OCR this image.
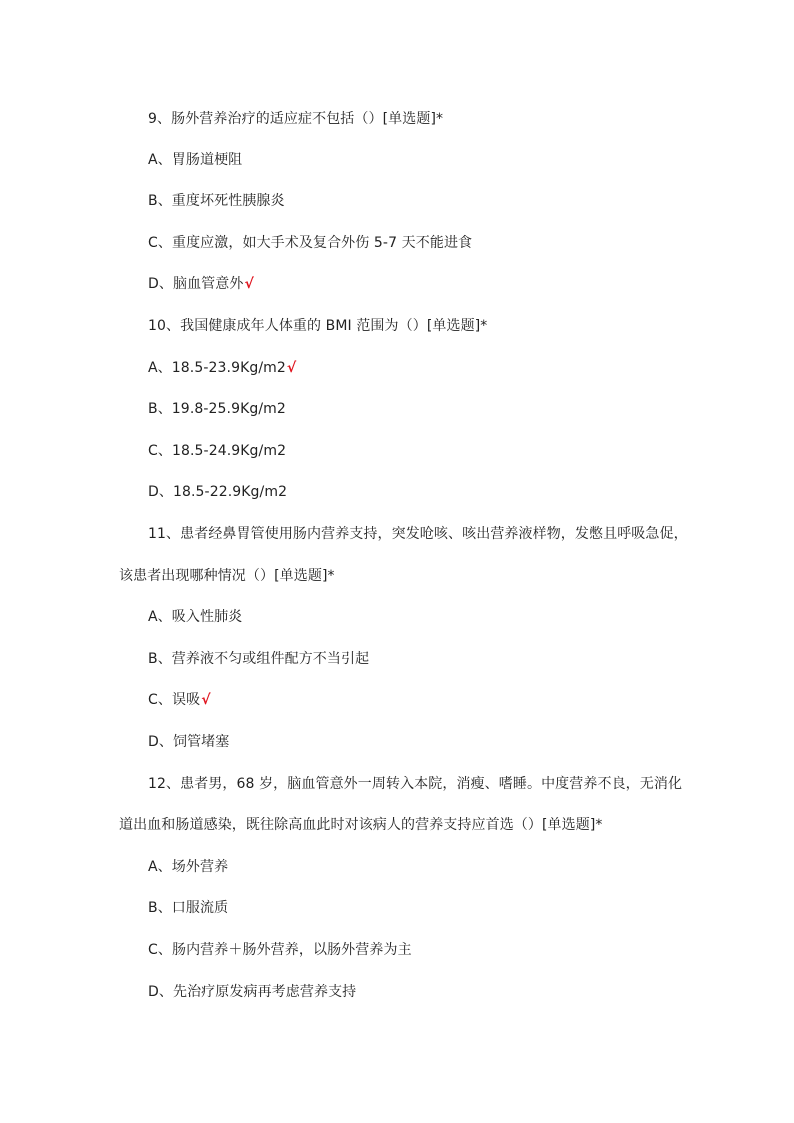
9、肠外营养治疗的适应症不包括（）[单选题]*
A、胃肠道梗阻
B、重度坏死性胰腺炎
C、重度应激，如大手术及复合外伤 5-7 天不能进食
D、脑血管意外√
10、我国健康成年人体重的 BMI 范围为（）[单选题]*
A、18.5-23.9Kg/m2√
B、19.8-25.9Kg/m2
C、18.5-24.9Kg/m2
D、18.5-22.9Kg/m2
11、患者经鼻胃管使用肠内营养支持，突发呛咳、咳出营养液样物，发憋且呼吸急促，
该患者出现哪种情况（）[单选题]*
A、吸入性肺炎
B、营养液不匀或组件配方不当引起
C、误吸√
D、饲管堵塞
12、患者男，68 岁，脑血管意外一周转入本院，消瘦、嗜睡。中度营养不良，无消化
道出血和肠道感染，既往除高血此时对该病人的营养支持应首选（）[单选题]*
A、场外营养
B、口服流质
C、肠内营养＋肠外营养，以肠外营养为主
D、先治疗原发病再考虑营养支持
